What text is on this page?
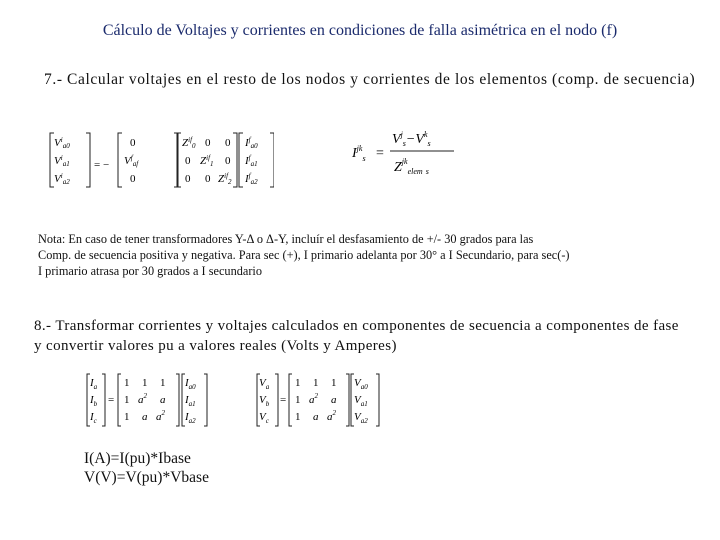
Cálculo de Voltajes y corrientes en condiciones de falla asimétrica en el nodo (f)
7.- Calcular voltajes en el resto de los nodos y corrientes de los elementos (comp. de secuencia)
$V^i_{a0}$
$V^i_{a1}$
$V^i_{a2}$
= −
0
$V^f_{af}$
0
$Z^{if}_0$ 0 0
0 $Z^{if}_1$ 0
0 0 $Z^{if}_2$
$I^f_{a0}$
$I^f_{a1}$
$I^f_{a2}$
$I^{jk}_s$ =
$V^j_s-V^k_s$
$Z^{jk}_{elem}$ s
Nota: En caso de tener transformadores Y-Δ o Δ-Y, incluír el desfasamiento de +/- 30 grados para las
Comp. de secuencia positiva y negativa. Para sec (+), I primario adelanta por 30° a I Secundario, para sec(-)
I primario atrasa por 30 grados a I secundario
8.- Transformar corrientes y voltajes calculados en componentes de secuencia a componentes de fase
y convertir valores pu a valores reales (Volts y Amperes)
$I_a$
$I_b$
$I_c$
=
1 1 1
1 $a^2$ a
1 a $a^2$
$I_{a0}$
$I_{a1}$
$I_{a2}$
$V_a$
$V_b$
$V_c$
=
1 1 1
1 $a^2$ a
1 a $a^2$
$V_{a0}$
$V_{a1}$
$V_{a2}$
I(A)=I(pu)*Ibase
V(V)=V(pu)*Vbase
